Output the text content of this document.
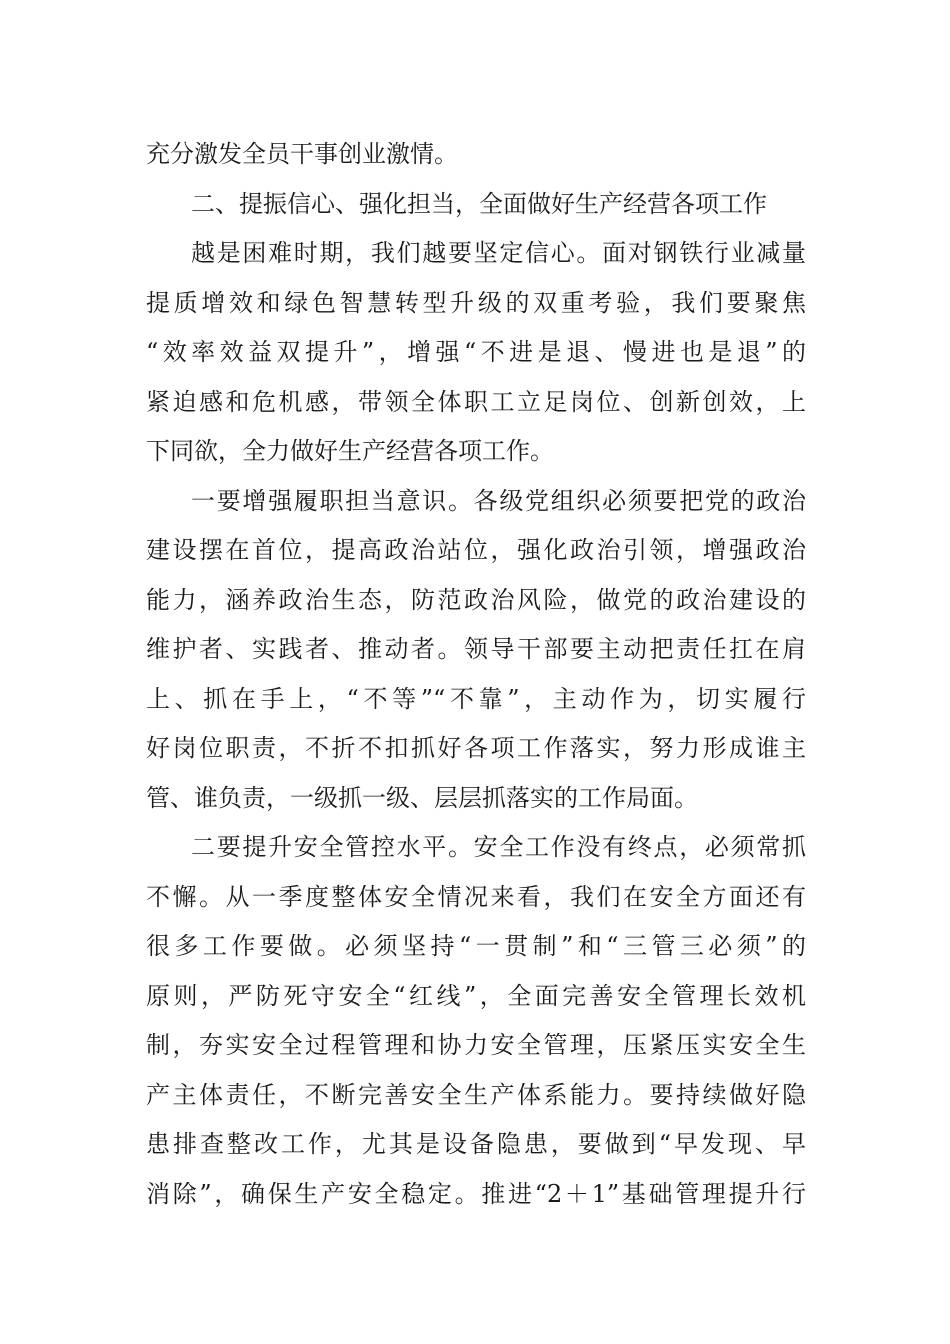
充分激发全员干事创业激情。
二、提振信心、强化担当，全面做好生产经营各项工作
越是困难时期，我们越要坚定信心。面对钢铁行业减量
提质增效和绿色智慧转型升级的双重考验，我们要聚焦
“效率效益双提升”，增强“不进是退、慢进也是退”的
紧迫感和危机感，带领全体职工立足岗位、创新创效，上
下同欲，全力做好生产经营各项工作。
一要增强履职担当意识。各级党组织必须要把党的政治
建设摆在首位，提高政治站位，强化政治引领，增强政治
能力，涵养政治生态，防范政治风险，做党的政治建设的
维护者、实践者、推动者。领导干部要主动把责任扛在肩
上、抓在手上，“不等”“不靠”，主动作为，切实履行
好岗位职责，不折不扣抓好各项工作落实，努力形成谁主
管、谁负责，一级抓一级、层层抓落实的工作局面。
二要提升安全管控水平。安全工作没有终点，必须常抓
不懈。从一季度整体安全情况来看，我们在安全方面还有
很多工作要做。必须坚持“一贯制”和“三管三必须”的
原则，严防死守安全“红线”，全面完善安全管理长效机
制，夯实安全过程管理和协力安全管理，压紧压实安全生
产主体责任，不断完善安全生产体系能力。要持续做好隐
患排查整改工作，尤其是设备隐患，要做到“早发现、早
消除”，确保生产安全稳定。推进“2＋1”基础管理提升行
